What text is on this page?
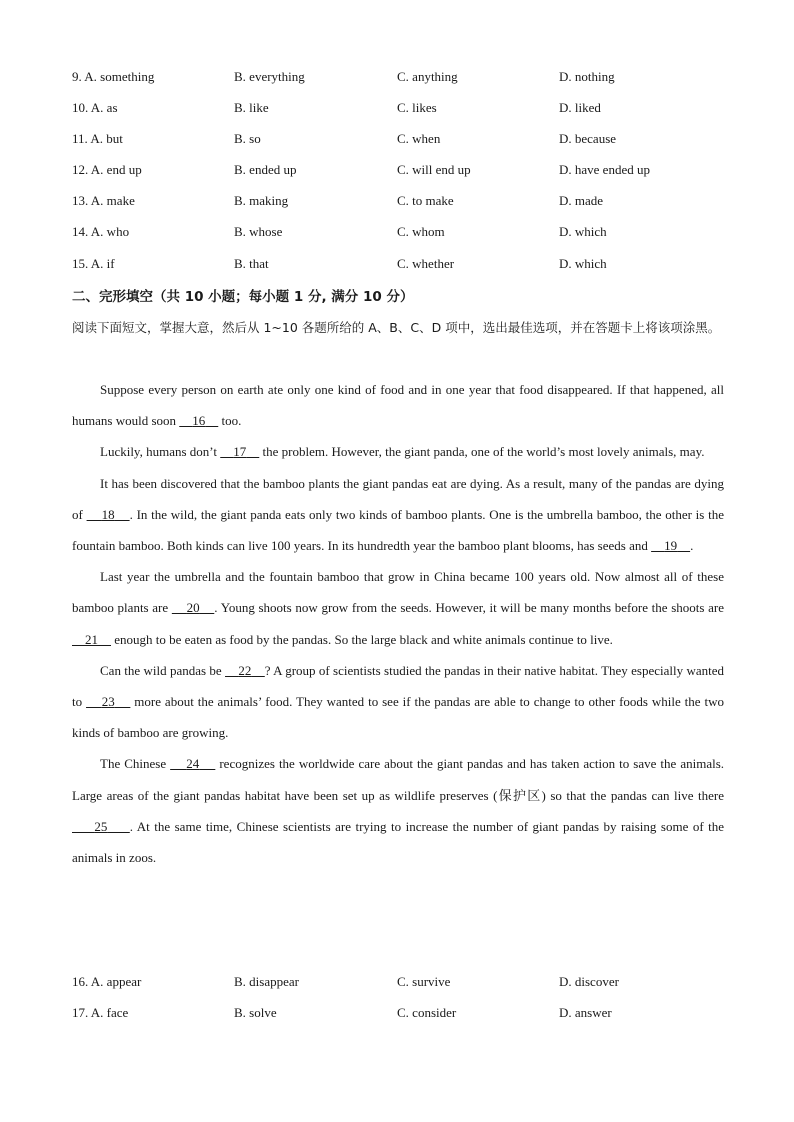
9. A. something	B. everything	C. anything	D. nothing
10. A. as	B. like	C. likes	D. liked
11. A. but	B. so	C. when	D. because
12. A. end up	B. ended up	C. will end up	D. have ended up
13. A. make	B. making	C. to make	D. made
14. A. who	B. whose	C. whom	D. which
15. A. if	B. that	C. whether	D. which
二、完形填空（共 10 小题；每小题 1 分, 满分 10 分）
阅读下面短文，掌握大意，然后从 1~10 各题所给的 A、B、C、D 项中，选出最佳选项，并在答题卡上将该项涂黑。

Suppose every person on earth ate only one kind of food and in one year that food disappeared. If that happened, all humans would soon     16     too.

Luckily, humans don’t     17     the problem. However, the giant panda, one of the world’s most lovely animals, may.

It has been discovered that the bamboo plants the giant pandas eat are dying. As a result, many of the pandas are dying of     18 . In the wild, the giant panda eats only two kinds of bamboo plants. One is the umbrella bamboo, the other is the fountain bamboo. Both kinds can live 100 years. In its hundredth year the bamboo plant blooms, has seeds and     19 .

Last year the umbrella and the fountain bamboo that grow in China became 100 years old. Now almost all of these bamboo plants are     20 . Young shoots now grow from the seeds. However, it will be many months before the shoots are     21     enough to be eaten as food by the pandas. So the large black and white animals continue to live.

Can the wild pandas be     22 ? A group of scientists studied the pandas in their native habitat. They especially wanted to     23     more about the animals’ food. They wanted to see if the pandas are able to change to other foods while the two kinds of bamboo are growing.

The Chinese     24     recognizes the worldwide care about the giant pandas and has taken action to save the animals. Large areas of the giant pandas habitat have been set up as wildlife preserves (保护区) so that the pandas can live there      25 . At the same time, Chinese scientists are trying to increase the number of giant pandas by raising some of the animals in zoos.

16. A. appear	B. disappear	C. survive	D. discover
17. A. face	B. solve	C. consider	D. answer
